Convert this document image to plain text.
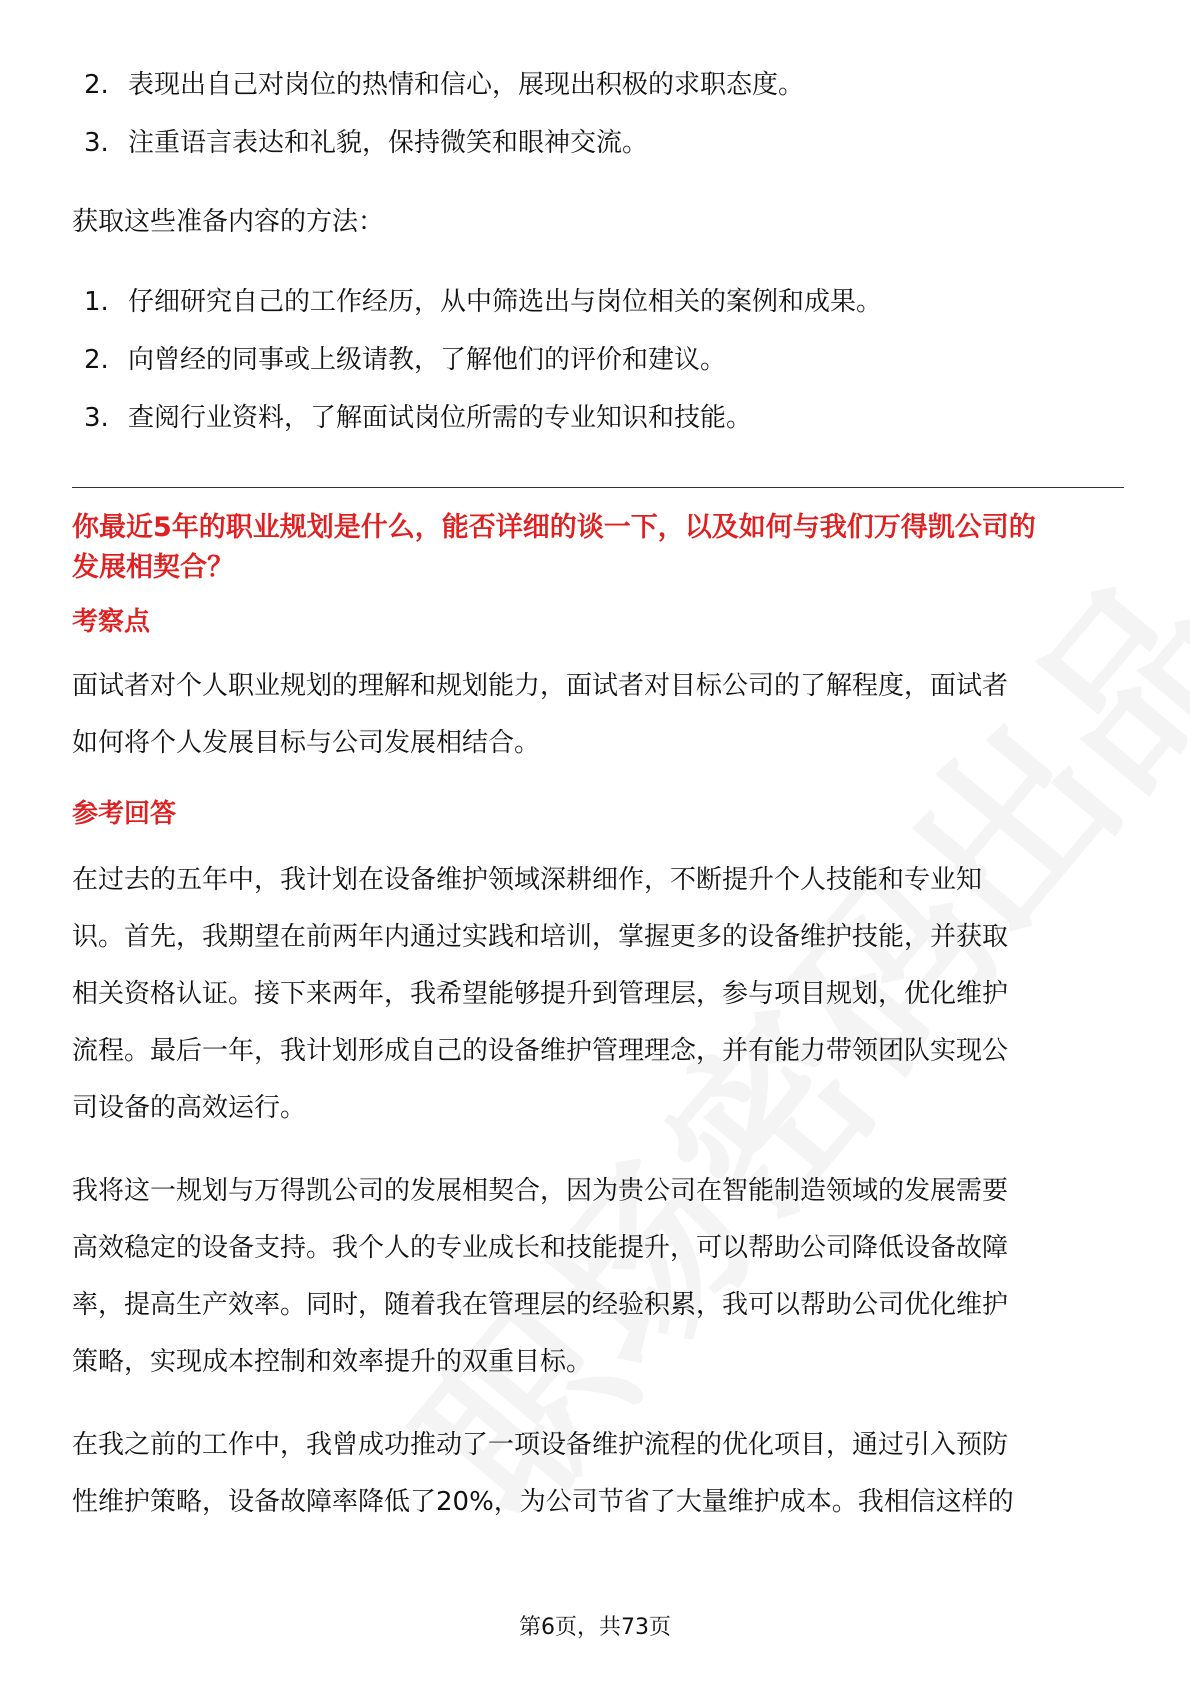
2. 表现出自己对岗位的热情和信心，展现出积极的求职态度。
3. 注重语言表达和礼貌，保持微笑和眼神交流。

获取这些准备内容的方法：

1. 仔细研究自己的工作经历，从中筛选出与岗位相关的案例和成果。
2. 向曾经的同事或上级请教，了解他们的评价和建议。
3. 查阅行业资料，了解面试岗位所需的专业知识和技能。

你最近5年的职业规划是什么，能否详细的谈一下，以及如何与我们万得凯公司的
发展相契合？

考察点

面试者对个人职业规划的理解和规划能力，面试者对目标公司的了解程度，面试者
如何将个人发展目标与公司发展相结合。

参考回答

在过去的五年中，我计划在设备维护领域深耕细作，不断提升个人技能和专业知
识。首先，我期望在前两年内通过实践和培训，掌握更多的设备维护技能，并获取
相关资格认证。接下来两年，我希望能够提升到管理层，参与项目规划，优化维护
流程。最后一年，我计划形成自己的设备维护管理理念，并有能力带领团队实现公
司设备的高效运行。

我将这一规划与万得凯公司的发展相契合，因为贵公司在智能制造领域的发展需要
高效稳定的设备支持。我个人的专业成长和技能提升，可以帮助公司降低设备故障
率，提高生产效率。同时，随着我在管理层的经验积累，我可以帮助公司优化维护
策略，实现成本控制和效率提升的双重目标。

在我之前的工作中，我曾成功推动了一项设备维护流程的优化项目，通过引入预防
性维护策略，设备故障率降低了20%，为公司节省了大量维护成本。我相信这样的

第6页，共73页
